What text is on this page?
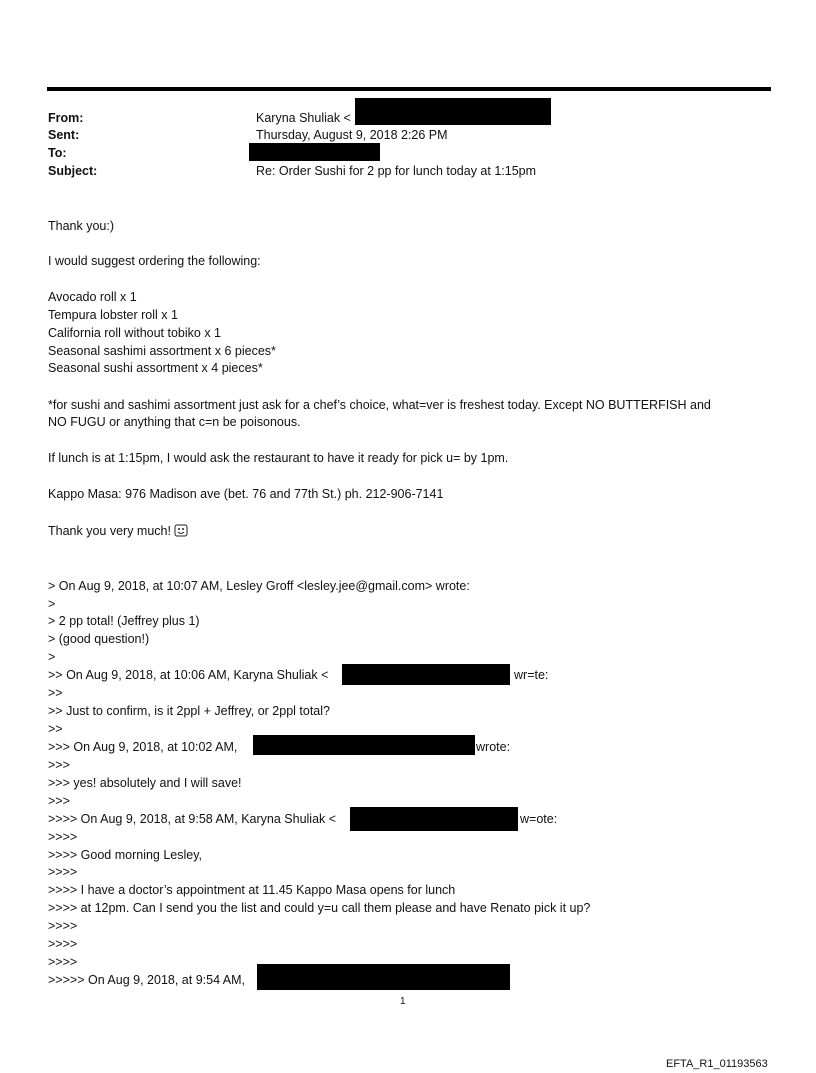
From:	Karyna Shuliak <
Sent:	Thursday, August 9, 2018 2:26 PM
To:
Subject:	Re: Order Sushi for 2 pp for lunch today at 1:15pm
Thank you:)
I would suggest ordering the following:
Avocado roll x 1
Tempura lobster roll x 1
California roll without tobiko x 1
Seasonal sashimi assortment x 6 pieces*
Seasonal sushi assortment x 4 pieces*
*for sushi and sashimi assortment just ask for a chef’s choice, what=ver is freshest today. Except NO BUTTERFISH and
NO FUGU or anything that c=n be poisonous.
If lunch is at 1:15pm, I would ask the restaurant to have it ready for pick u= by 1pm.
Kappo Masa: 976 Madison ave (bet. 76 and 77th St.) ph. 212-906-7141
Thank you very much!
> On Aug 9, 2018, at 10:07 AM, Lesley Groff <lesley.jee@gmail.com> wrote:
>
> 2 pp total! (Jeffrey plus 1)
> (good question!)
>
>> On Aug 9, 2018, at 10:06 AM, Karyna Shuliak <	wr=te:
>>
>> Just to confirm, is it 2ppl + Jeffrey, or 2ppl total?
>>
>>> On Aug 9, 2018, at 10:02 AM,	wrote:
>>>
>>> yes! absolutely and I will save!
>>>
>>>> On Aug 9, 2018, at 9:58 AM, Karyna Shuliak <	w=ote:
>>>>
>>>> Good morning Lesley,
>>>>
>>>> I have a doctor’s appointment at 11.45 Kappo Masa opens for lunch
>>>> at 12pm. Can I send you the list and could y=u call them please and have Renato pick it up?
>>>>
>>>>
>>>>
>>>>> On Aug 9, 2018, at 9:54 AM,
1
EFTA_R1_01193563
